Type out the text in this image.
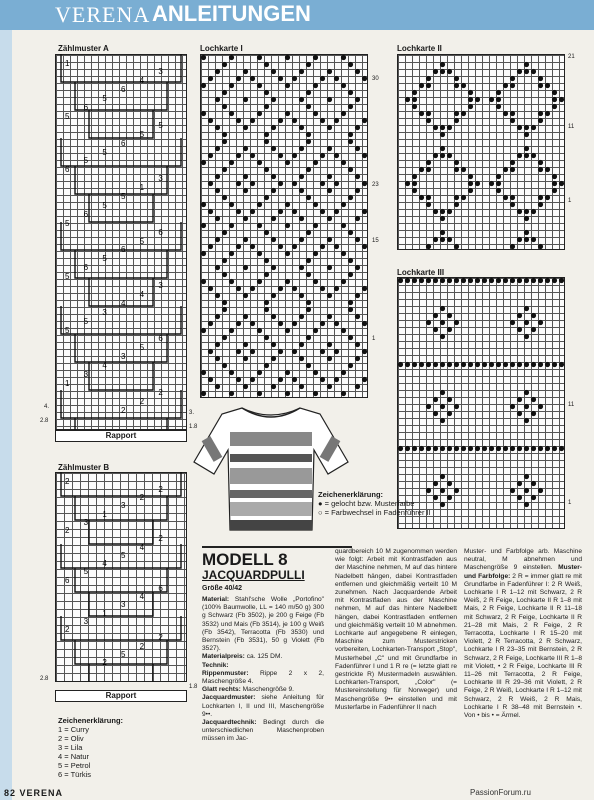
VERENA ANLEITUNGEN
Zählmuster A
1
3
4
6
5
6
5
5
5
6
5
5
6
3
1
5
5
6
5
6
5
6
5
6
5
3
4
4
3
5
5
6
5
3
4
3
1
2
2
2
Rapport
4.
2.8
3.
1.8
Zählmuster B
2
2
2
3
1
3
2
2
4
5
4
5
6
6
4
3
1
3
2
2
2
5
2
Rapport
2.8
1.8
Lochkarte I
30
23
15
1
Lochkarte II
21
11
1
Lochkarte III
11
1
Zeichenerklärung:
● = gelocht bzw. Musterfarbe
○ = Farbwechsel in Fadenführer II
Zeichenerklärung:
1 = Curry
2 = Oliv
3 = Lila
4 = Natur
5 = Petrol
6 = Türkis
MODELL 8
JACQUARDPULLI
Größe 40/42
Material: Stahl'sche Wolle „Portofino" (100% Baumwolle, LL = 140 m/50 g) 300 g Schwarz (Fb 3502), je 200 g Feige (Fb 3532) und Mais (Fb 3514), je 100 g Weiß (Fb 3542), Terracotta (Fb 3530) und Bernstein (Fb 3531), 50 g Violett (Fb 3527).
Materialpreis: ca. 125 DM.
Technik:
Rippenmuster: Rippe 2 x 2, Maschengröße 4.
Glatt rechts: Maschengröße 9.
Jacquardmuster: siehe Anleitung für Lochkarten I, II und III, Maschengröße 9••.
Jacquardtechnik: Bedingt durch die unterschiedlichen Maschenproben müssen im Jac-
quardbereich 10 M zugenommen werden wie folgt: Arbeit mit Kontrastfaden aus der Maschine nehmen, M auf das hintere Nadelbett hängen, dabei Kontrastfaden entfernen und gleichmäßig verteilt 10 M zunehmen. Nach Jacquardende Arbeit mit Kontrastfaden aus der Maschine nehmen, M auf das hintere Nadelbett hängen, dabei Kontrastfaden entfernen und gleichmäßig verteilt 10 M abnehmen. Lochkarte auf angegebene R einlegen, Maschine zum Musterstricken vorbereiten, Lochkarten-Transport „Stop", Musterhebel „C" und mit Grundfarbe in Fadenführer I und 1 R re (= letzte glatt re gestrickte R) Mustermadeln auswählen. Lochkarten-Transport, „Color" (= Mustereinstellung für Norweger) und Maschengröße 9•• einstellen und mit Musterfarbe in Fadenführer II nach
Muster- und Farbfolge arb. Maschine neutral, M abnehmen und Maschengröße 9 einstellen. Muster- und Farbfolge: 2 R = immer glatt re mit Grundfarbe in Fadenführer I: 2 R Weiß, Lochkarte I R 1–12 mit Schwarz, 2 R Weiß, 2 R Feige, Lochkarte II R 1–8 mit Mais, 2 R Feige, Lochkarte II R 11–18 mit Schwarz, 2 R Feige, Lochkarte II R 21–28 mit Mais, 2 R Feige, 2 R Terracotta, Lochkarte I R 15–20 mit Violett, 2 R Terracotta, 2 R Schwarz, Lochkarte I R 23–35 mit Bernstein, 2 R Schwarz, 2 R Feige, Lochkarte III R 1–8 mit Violett, • 2 R Feige, Lochkarte III R 11–26 mit Terracotta, 2 R Feige, Lochkarte III R 29–36 mit Violett, 2 R Feige, 2 R Weiß, Lochkarte I R 1–12 mit Schwarz, 2 R Weiß, 2 R Mais, Lochkarte I R 38–48 mit Bernstein •. Von • bis • = Ärmel.
82 VERENA	PassionForum.ru
